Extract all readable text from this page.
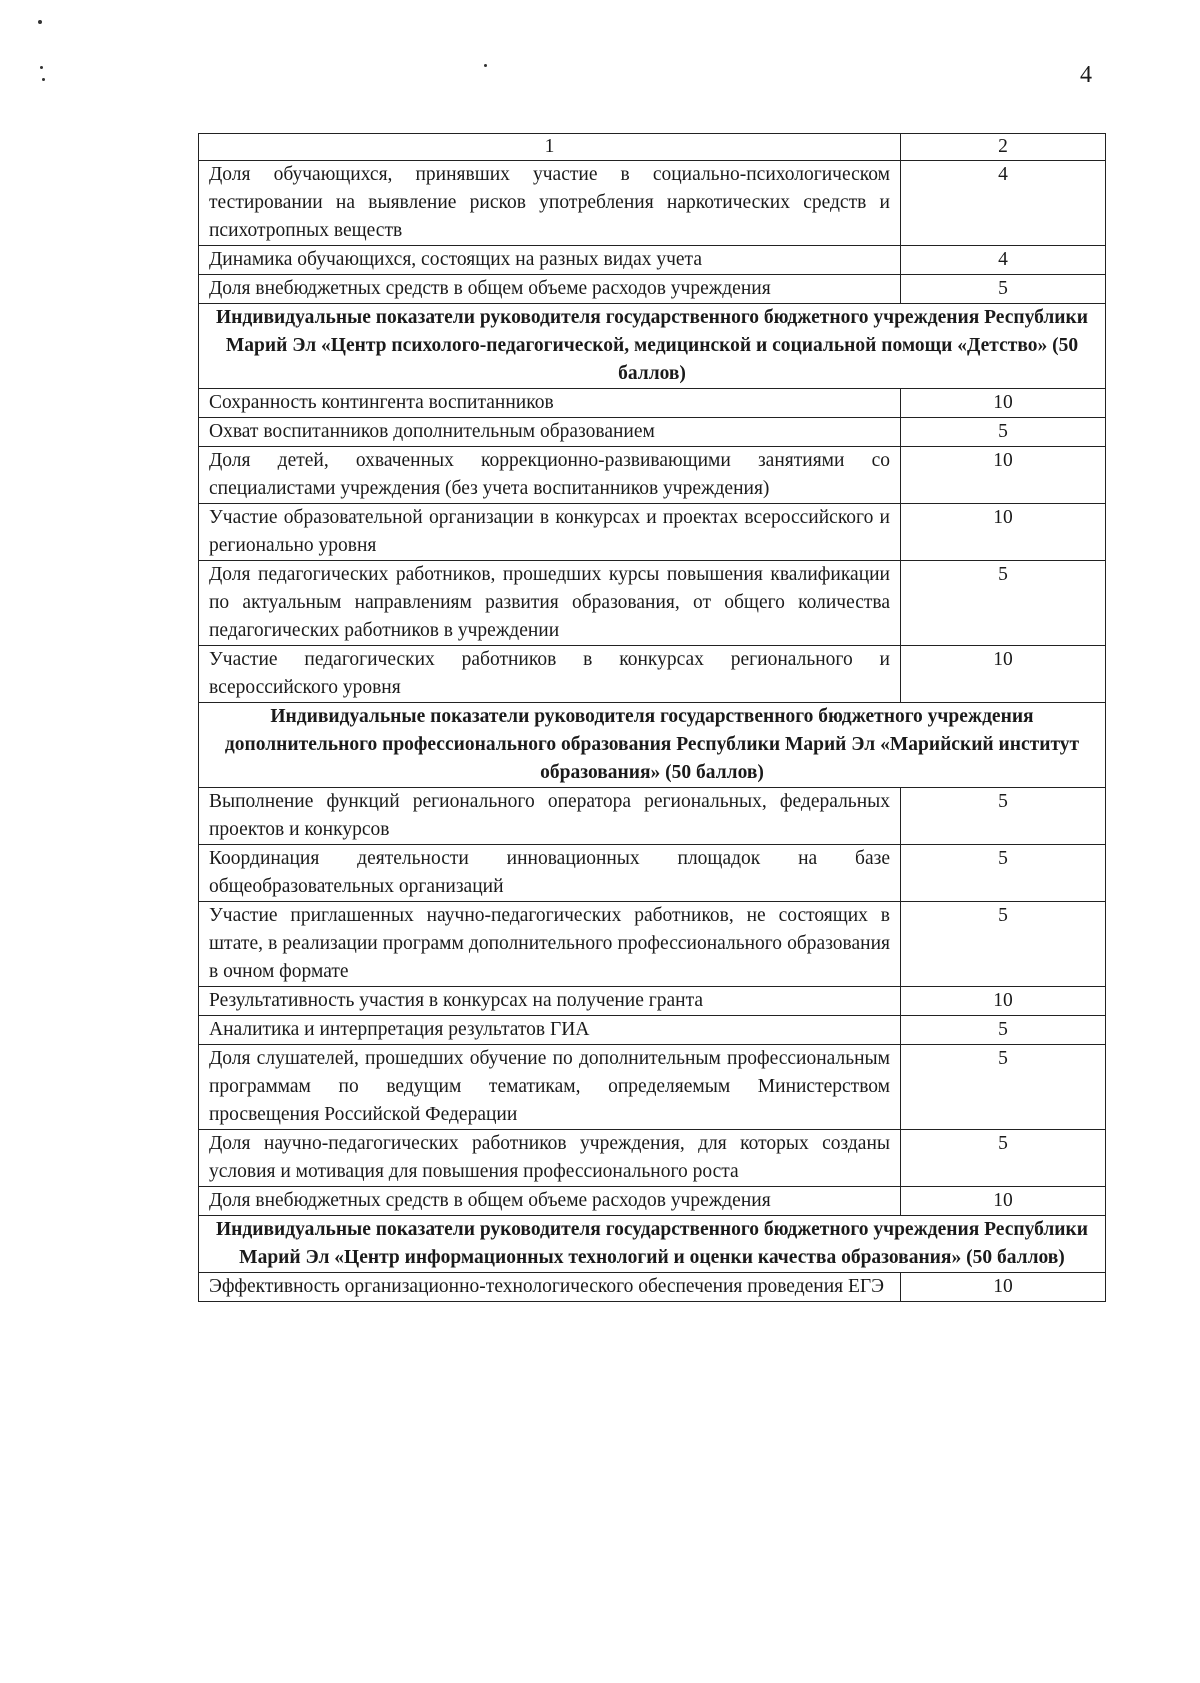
4
1	2
Доля обучающихся, принявших участие в социально-психологическом тестировании на выявление рисков употребления наркотических средств и психотропных веществ	4
Динамика обучающихся, состоящих на разных видах учета	4
Доля внебюджетных средств в общем объеме расходов учреждения	5
Индивидуальные показатели руководителя государственного бюджетного учреждения Республики Марий Эл «Центр психолого-педагогической, медицинской и социальной помощи «Детство» (50 баллов)	
Сохранность контингента воспитанников	10
Охват воспитанников дополнительным образованием	5
Доля детей, охваченных коррекционно-развивающими занятиями со специалистами учреждения (без учета воспитанников учреждения)	10
Участие образовательной организации в конкурсах и проектах всероссийского и регионально уровня	10
Доля педагогических работников, прошедших курсы повышения квалификации по актуальным направлениям развития образования, от общего количества педагогических работников в учреждении	5
Участие педагогических работников в конкурсах регионального и всероссийского уровня	10
Индивидуальные показатели руководителя государственного бюджетного учреждения дополнительного профессионального образования Республики Марий Эл «Марийский институт образования» (50 баллов)	
Выполнение функций регионального оператора региональных, федеральных проектов и конкурсов	5
Координация деятельности инновационных площадок на базе общеобразовательных организаций	5
Участие приглашенных научно-педагогических работников, не состоящих в штате, в реализации программ дополнительного профессионального образования в очном формате	5
Результативность участия в конкурсах на получение гранта	10
Аналитика и интерпретация результатов ГИА	5
Доля слушателей, прошедших обучение по дополнительным профессиональным программам по ведущим тематикам, определяемым Министерством просвещения Российской Федерации	5
Доля научно-педагогических работников учреждения, для которых созданы условия и мотивация для повышения профессионального роста	5
Доля внебюджетных средств в общем объеме расходов учреждения	10
Индивидуальные показатели руководителя государственного бюджетного учреждения Республики Марий Эл «Центр информационных технологий и оценки качества образования» (50 баллов)	
Эффективность организационно-технологического обеспечения проведения ЕГЭ	10
